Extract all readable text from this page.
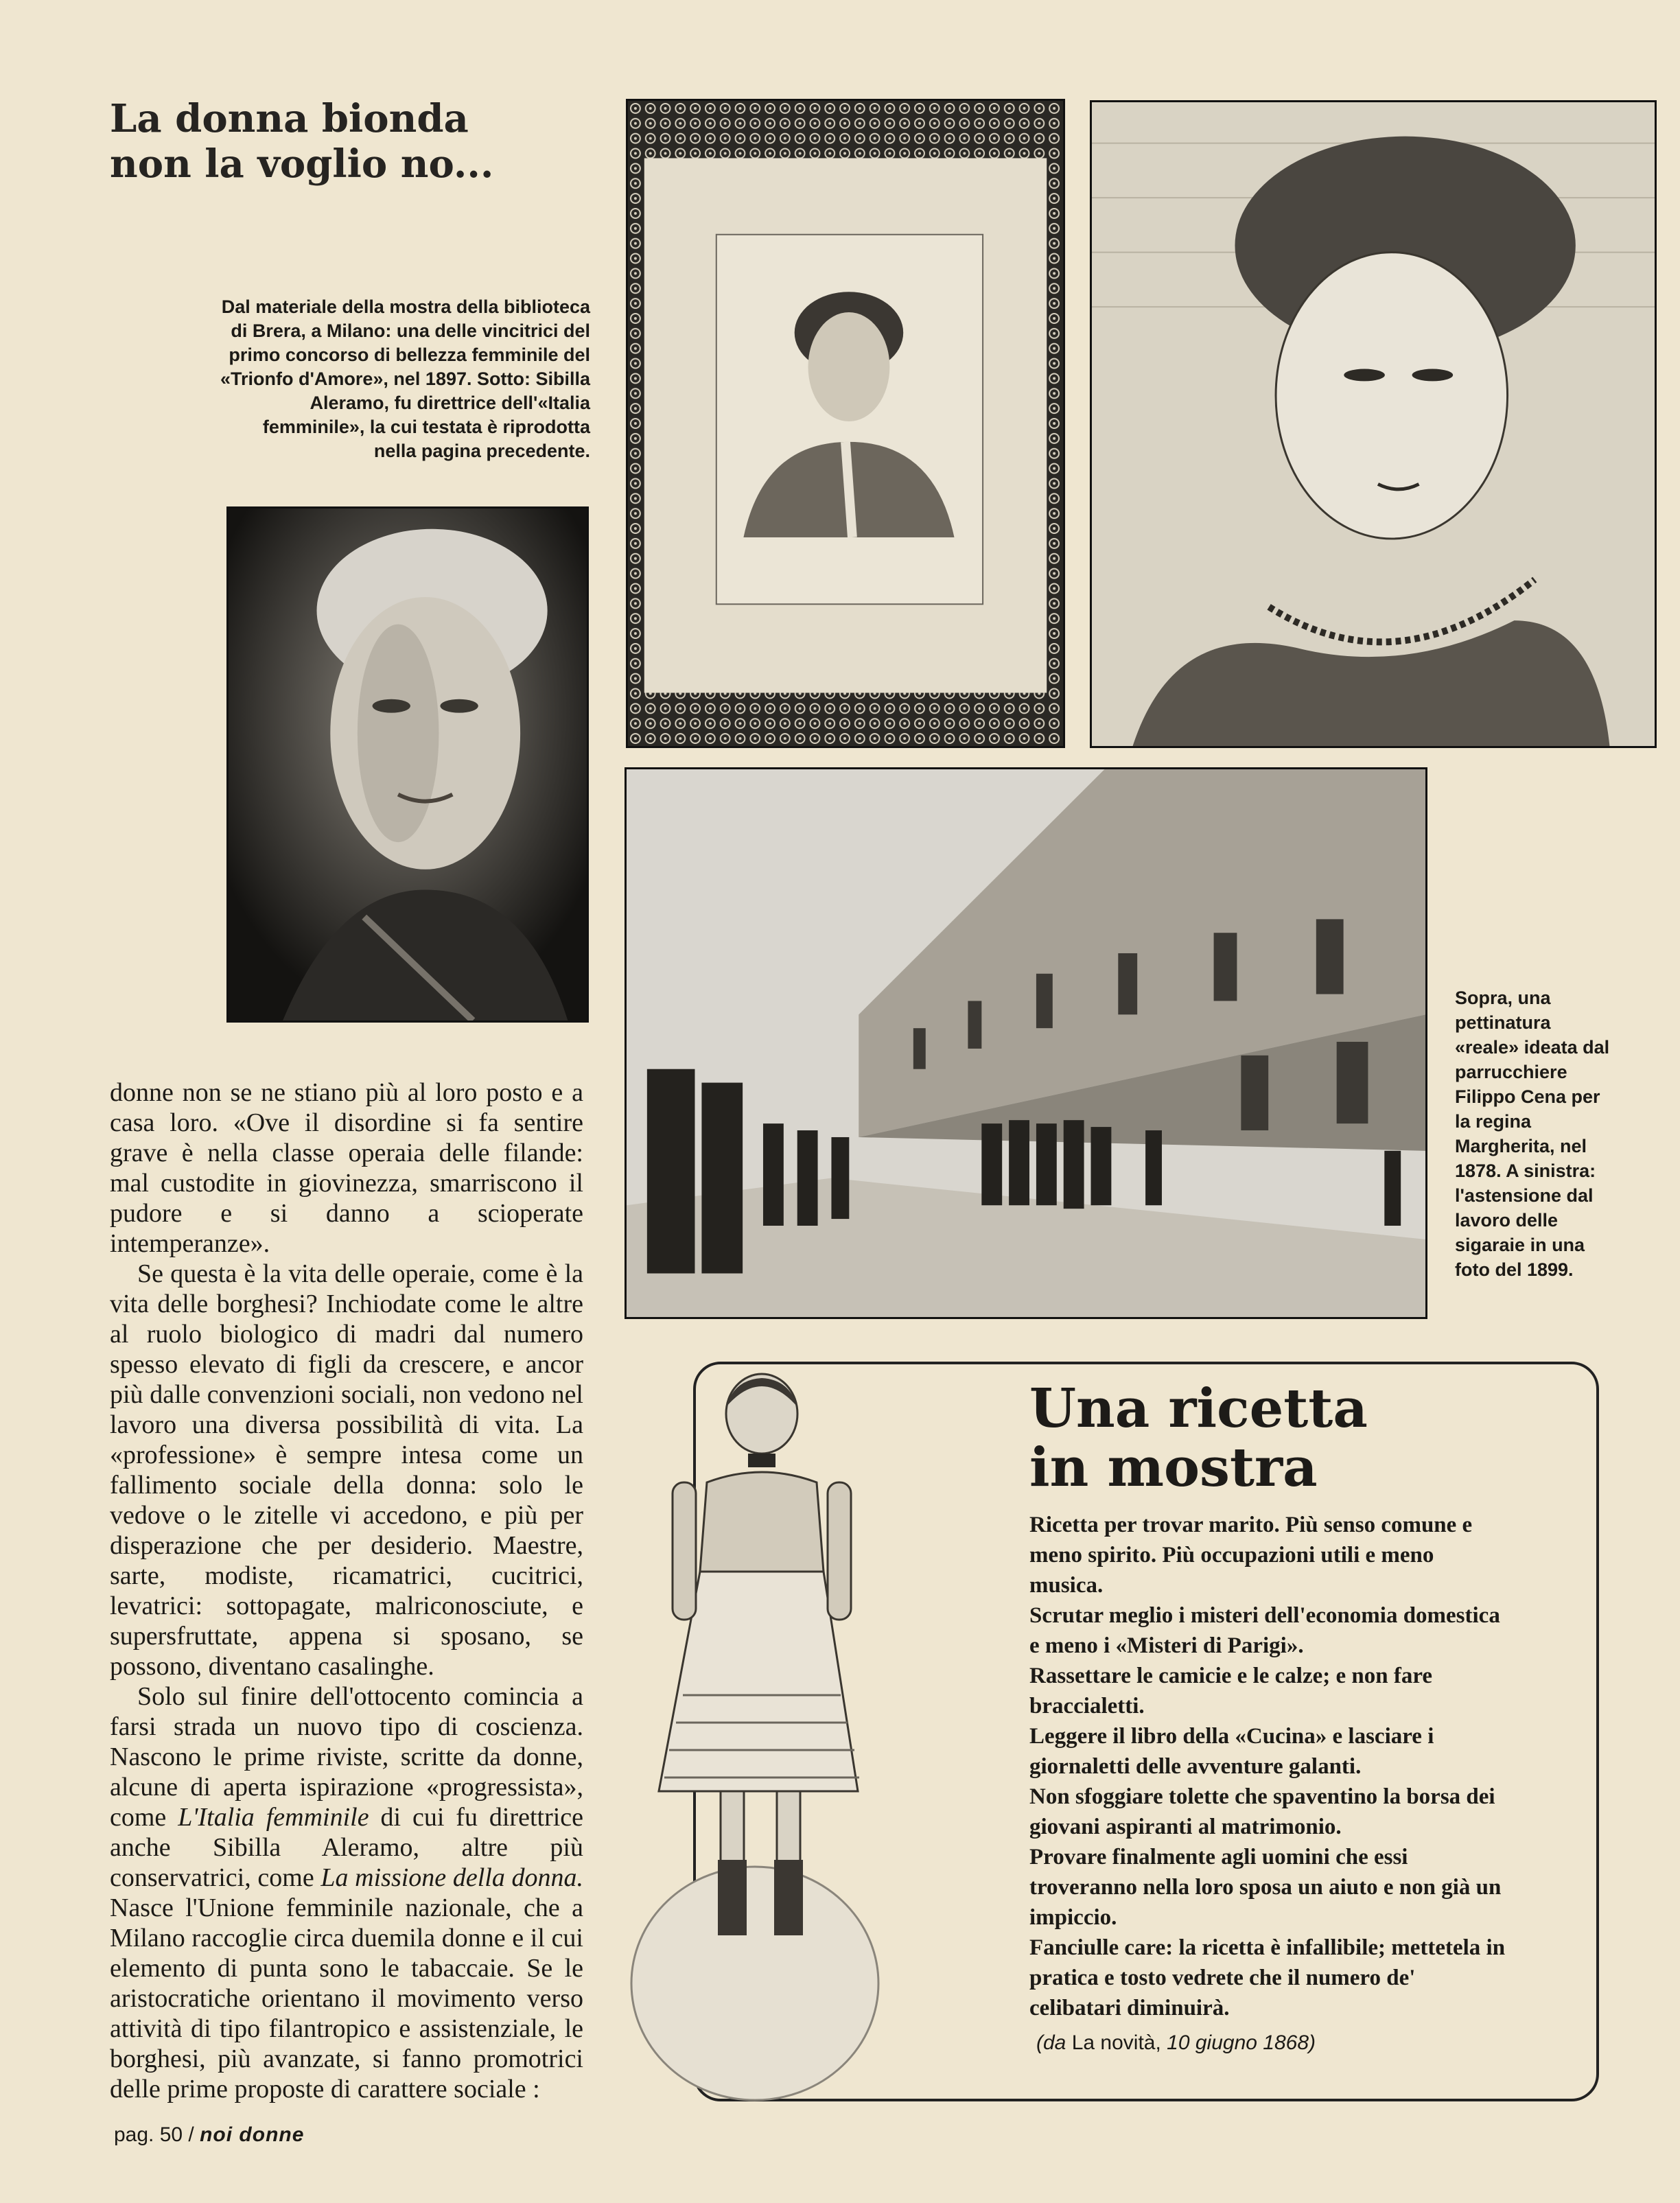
La donna bionda
non la voglio no...

Dal materiale della mostra della biblioteca di Brera, a Milano: una delle vincitrici del primo concorso di bellezza femminile del «Trionfo d'Amore», nel 1897. Sotto: Sibilla Aleramo, fu direttrice dell'«Italia femminile», la cui testata è riprodotta nella pagina precedente.

Sopra, una pettinatura «reale» ideata dal parrucchiere Filippo Cena per la regina Margherita, nel 1878. A sinistra: l'astensione dal lavoro delle sigaraie in una foto del 1899.

donne non se ne stiano più al loro posto e a casa loro. «Ove il disordine si fa sentire grave è nella classe operaia delle filande: mal custodite in giovinezza, smarriscono il pudore e si danno a scioperate intemperanze».

Se questa è la vita delle operaie, come è la vita delle borghesi? Inchiodate come le altre al ruolo biologico di madri dal numero spesso elevato di figli da crescere, e ancor più dalle convenzioni sociali, non vedono nel lavoro una diversa possibilità di vita. La «professione» è sempre intesa come un fallimento sociale della donna: solo le vedove o le zitelle vi accedono, e più per disperazione che per desiderio. Maestre, sarte, modiste, ricamatrici, cucitrici, levatrici: sottopagate, malriconosciute, e supersfruttate, appena si sposano, se possono, diventano casalinghe.

Solo sul finire dell'ottocento comincia a farsi strada un nuovo tipo di coscienza. Nascono le prime riviste, scritte da donne, alcune di aperta ispirazione «progressista», come L'Italia femminile di cui fu direttrice anche Sibilla Aleramo, altre più conservatrici, come La missione della donna. Nasce l'Unione femminile nazionale, che a Milano raccoglie circa duemila donne e il cui elemento di punta sono le tabaccaie. Se le aristocratiche orientano il movimento verso attività di tipo filantropico e assistenziale, le borghesi, più avanzate, si fanno promotrici delle prime proposte di carattere sociale :

Una ricetta
in mostra

Ricetta per trovar marito. Più senso comune e meno spirito. Più occupazioni utili e meno musica.

Scrutar meglio i misteri dell'economia domestica e meno i «Misteri di Parigi».

Rassettare le camicie e le calze; e non fare braccialetti.

Leggere il libro della «Cucina» e lasciare i giornaletti delle avventure galanti.

Non sfoggiare tolette che spaventino la borsa dei giovani aspiranti al matrimonio.

Provare finalmente agli uomini che essi troveranno nella loro sposa un aiuto e non già un impiccio.

Fanciulle care: la ricetta è infallibile; mettetela in pratica e tosto vedrete che il numero de' celibatari diminuirà.

(da La novità, 10 giugno 1868)
pag. 50 / noi donne
